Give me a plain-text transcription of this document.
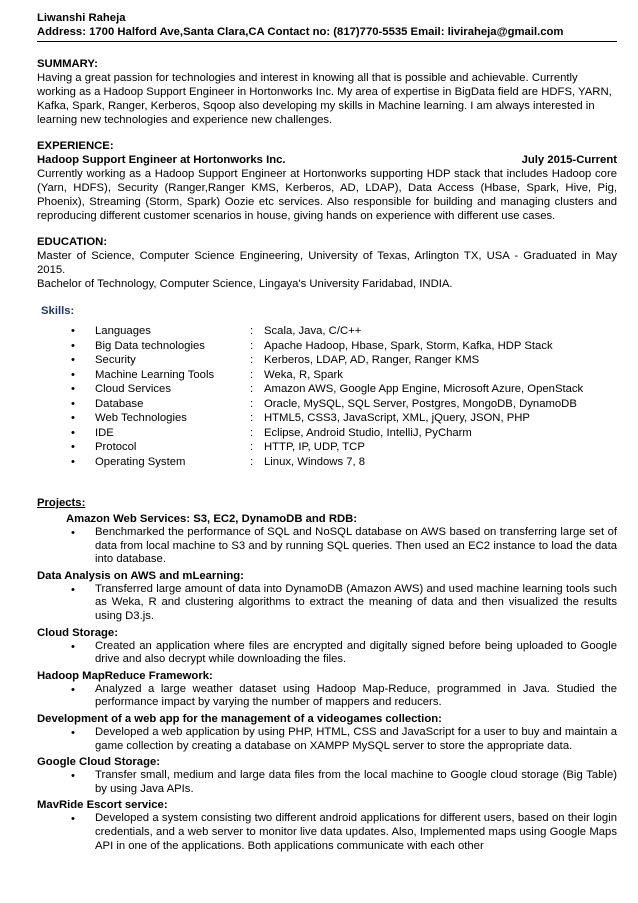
Liwanshi Raheja
Address: 1700 Halford Ave,Santa Clara,CA Contact no: (817)770-5535 Email: liviraheja@gmail.com
SUMMARY:
Having a great passion for technologies and interest in knowing all that is possible and achievable. Currently working as a Hadoop Support Engineer in Hortonworks Inc. My area of expertise in BigData field are HDFS, YARN, Kafka, Spark, Ranger, Kerberos, Sqoop also developing my skills in Machine learning. I am always interested in learning new technologies and experience new challenges.
EXPERIENCE:
Hadoop Support Engineer at Hortonworks Inc.	July 2015-Current
Currently working as a Hadoop Support Engineer at Hortonworks supporting HDP stack that includes Hadoop core (Yarn, HDFS), Security (Ranger,Ranger KMS, Kerberos, AD, LDAP), Data Access (Hbase, Spark, Hive, Pig, Phoenix), Streaming (Storm, Spark) Oozie etc services. Also responsible for building and managing clusters and reproducing different customer scenarios in house, giving hands on experience with different use cases.
EDUCATION:
Master of Science, Computer Science Engineering, University of Texas, Arlington TX, USA - Graduated in May 2015.
Bachelor of Technology, Computer Science, Lingaya's University Faridabad, INDIA.
Skills:
•	Languages	: Scala, Java, C/C++
•	Big Data technologies	: Apache Hadoop, Hbase, Spark, Storm, Kafka, HDP Stack
•	Security	: Kerberos, LDAP, AD, Ranger, Ranger KMS
•	Machine Learning Tools	: Weka, R, Spark
•	Cloud Services	: Amazon AWS, Google App Engine, Microsoft Azure, OpenStack
•	Database	: Oracle, MySQL, SQL Server, Postgres, MongoDB, DynamoDB
•	Web Technologies	: HTML5, CSS3, JavaScript, XML, jQuery, JSON, PHP
•	IDE	: Eclipse, Android Studio, IntelliJ, PyCharm
•	Protocol	: HTTP, IP, UDP, TCP
•	Operating System	: Linux, Windows 7, 8
Projects:
Amazon Web Services: S3, EC2, DynamoDB and RDB:
•	Benchmarked the performance of SQL and NoSQL database on AWS based on transferring large set of data from local machine to S3 and by running SQL queries. Then used an EC2 instance to load the data into database.
Data Analysis on AWS and mLearning:
•	Transferred large amount of data into DynamoDB (Amazon AWS) and used machine learning tools such as Weka, R and clustering algorithms to extract the meaning of data and then visualized the results using D3.js.
Cloud Storage:
•	Created an application where files are encrypted and digitally signed before being uploaded to Google drive and also decrypt while downloading the files.
Hadoop MapReduce Framework:
•	Analyzed a large weather dataset using Hadoop Map-Reduce, programmed in Java. Studied the performance impact by varying the number of mappers and reducers.
Development of a web app for the management of a videogames collection:
•	Developed a web application by using PHP, HTML, CSS and JavaScript for a user to buy and maintain a game collection by creating a database on XAMPP MySQL server to store the appropriate data.
Google Cloud Storage:
•	Transfer small, medium and large data files from the local machine to Google cloud storage (Big Table) by using Java APIs.
MavRide Escort service:
•	Developed a system consisting two different android applications for different users, based on their login credentials, and a web server to monitor live data updates. Also, Implemented maps using Google Maps API in one of the applications. Both applications communicate with each other
